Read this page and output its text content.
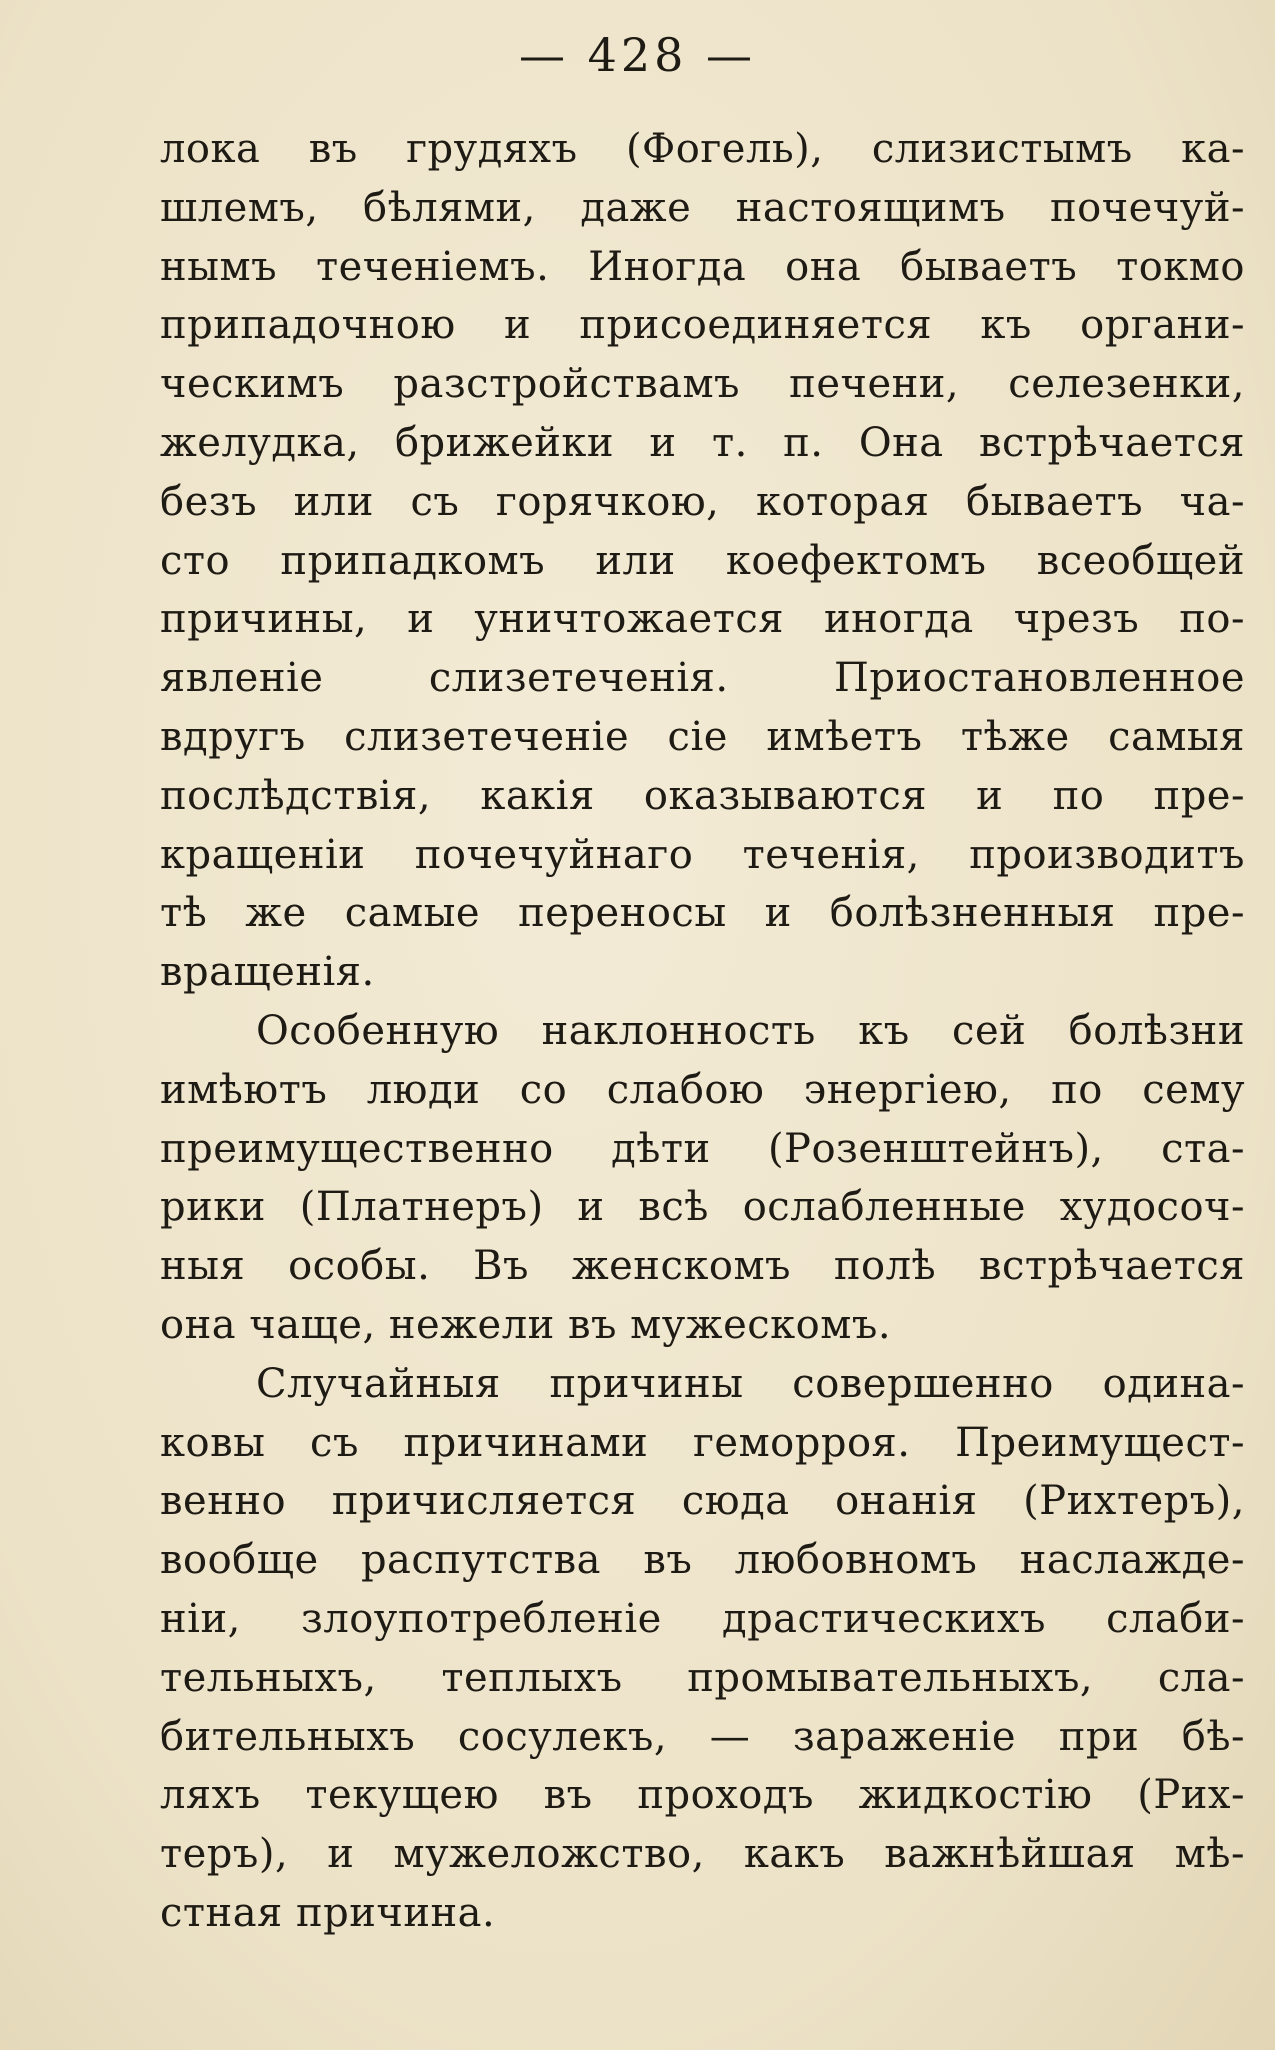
— 428 —
лока въ грудяхъ (Фогель), слизистымъ ка-
шлемъ, бѣлями, даже настоящимъ почечуй-
нымъ теченіемъ. Иногда она бываетъ токмо
припадочною и присоединяется къ органи-
ческимъ разстройствамъ печени, селезенки,
желудка, брижейки и т. п. Она встрѣчается
безъ или съ горячкою, которая бываетъ ча-
сто припадкомъ или коефектомъ всеобщей
причины, и уничтожается иногда чрезъ по-
явленіе слизетеченія. Приостановленное
вдругъ слизетеченіе сіе имѣетъ тѣже самыя
послѣдствія, какія оказываются и по пре-
кращеніи почечуйнаго теченія, производитъ
тѣ же самые переносы и болѣзненныя пре-
вращенія.
Особенную наклонность къ сей болѣзни
имѣютъ люди со слабою энергіею, по сему
преимущественно дѣти (Розенштейнъ), ста-
рики (Платнеръ) и всѣ ослабленные худосоч-
ныя особы. Въ женскомъ полѣ встрѣчается
она чаще, нежели въ мужескомъ.
Случайныя причины совершенно одина-
ковы съ причинами геморроя. Преимущест-
венно причисляется сюда онанія (Рихтеръ),
вообще распутства въ любовномъ наслажде-
ніи, злоупотребленіе драстическихъ слаби-
тельныхъ, теплыхъ промывательныхъ, сла-
бительныхъ сосулекъ, — зараженіе при бѣ-
ляхъ текущею въ проходъ жидкостію (Рих-
теръ), и мужеложство, какъ важнѣйшая мѣ-
стная причина.
